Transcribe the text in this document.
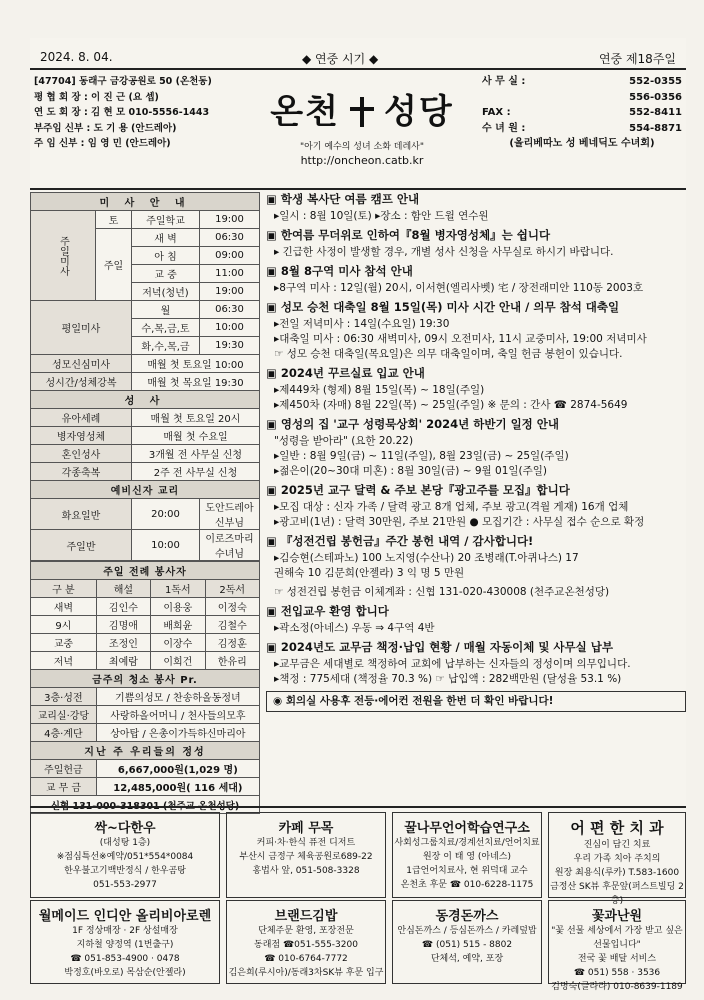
2024. 8. 04.	◆ 연중 시기 ◆	연중 제18주일
[47704] 동래구 금강공원로 50 (온천동)
평 협 회 장 : 이 진 근 (요 셉)
연 도 회 장 : 김 현 모 010-5556-1443
부주임 신부 : 도 기 용 (안드레아)
주 임 신부 : 임 영 민 (안드레아)
온천 성당
"아기 예수의 성녀 소화 데레사"
http://oncheon.catb.kr
사 무 실 :	552-0355
556-0356
FAX :	552-8411
수 녀 원 :	554-8871
(올리베따노 성 베네딕도 수녀회)
미 사 안 내			
주일미사	토	주일학교	19:00
	주일	새 벽	06:30
		아 침	09:00
		교 중	11:00
		저녁(청년)	19:00
평일미사		월	06:30
		수,목,금,토	10:00
		화,수,목,금	19:30
성모신심미사		매월 첫 토요일 10:00	
성시간/성체강복		매월 첫 목요일 19:30	
성 사			
유아세례		매월 첫 토요일 20시	
병자영성체		매월 첫 수요일	
혼인성사		3개월 전 사무실 신청	
각종축복		2주 전 사무실 신청	
예비신자 교리			
화요일반		20:00	도안드레아 신부님
주일반		10:00	이로즈마리 수녀님
주일 전례 봉사자			
구 분	해설	1독서	2독서
새벽	김인수	이용웅	이정숙
9시	김명애	배희윤	김철수
교중	조정인	이장수	김정훈
저녁	최예람	이희건	한유리
금주의 청소 봉사 Pr.			
3층·성전	기쁨의성모 / 찬송하올동정녀		
교리실·강당	사랑하올어머니 / 천사들의모후		
4층·계단	상아탑 / 은총이가득하신마리아		
지난 주 우리들의 정성			
주일헌금	6,667,000원(1,029 명)		
교 무 금	12,485,000원( 116 세대)		
신협 131-000-318301 (천주교 온천성당)			
▣ 학생 복사단 여름 캠프 안내
▸일시 : 8월 10일(토) ▸장소 : 함안 드윌 연수원
▣ 한여름 무더위로 인하여『8월 병자영성체』는 쉽니다
▸ 긴급한 사정이 발생할 경우, 개별 성사 신청을 사무실로 하시기 바랍니다.
▣ 8월 8구역 미사 참석 안내
▸8구역 미사 : 12일(월) 20시, 이서현(엘리사벳) 宅 / 장전래미안 110동 2003호
▣ 성모 승천 대축일 8월 15일(목) 미사 시간 안내 / 의무 참석 대축일
▸전일 저녁미사 : 14일(수요일) 19:30
▸대축일 미사 : 06:30 새벽미사, 09시 오전미사, 11시 교중미사, 19:00 저녁미사
☞ 성모 승천 대축일(목요일)은 의무 대축일이며, 축일 헌금 봉헌이 있습니다.
▣ 2024년 꾸르실료 입교 안내
▸제449차 (형제) 8월 15일(목) ~ 18일(주일)
▸제450차 (자매) 8월 22일(목) ~ 25일(주일) ※ 문의 : 간사 ☎ 2874-5649
▣ 영성의 집 '교구 성령묵상회' 2024년 하반기 일정 안내
"성령을 받아라" (요한 20.22)
▸일반 : 8월 9일(금) ~ 11일(주일), 8월 23일(금) ~ 25일(주일)
▸젊은이(20~30대 미혼) : 8월 30일(금) ~ 9월 01일(주일)
▣ 2025년 교구 달력 & 주보 본당『광고주를 모집』합니다
▸모집 대상 : 신자 가족 / 달력 광고 8개 업체, 주보 광고(격월 게재) 16개 업체
▸광고비(1년) : 달력 30만원, 주보 21만원 ● 모집기간 : 사무실 접수 순으로 확정
▣ 『성전건립 봉헌금』주간 봉헌 내역 / 감사합니다!
▸김승현(스테파노) 100 노지영(수산나) 20 조병래(T.아퀴나스) 17
권해숙 10 김문희(안젤라) 3 익 명 5 만원
☞ 성전건립 봉헌금 이체계좌 : 신협 131-020-430008 (천주교온천성당)
▣ 전입교우 환영 합니다
▸곽소정(아네스) 우동 ⇒ 4구역 4반
▣ 2024년도 교무금 책정·납입 현황 / 매월 자동이체 및 사무실 납부
▸교무금은 세대별로 책정하여 교회에 납부하는 신자들의 정성이며 의무입니다.
▸책정 : 775세대 (책정율 70.3 %) ☞ 납입액 : 282백만원 (달성율 53.1 %)
◉ 회의실 사용후 전등·에어컨 전원을 한번 더 확인 바랍니다!
싹~다한우
(대성탕 1층)
※점심특선※예약/051*554*0084
한우불고기백반정식 / 한우곰탕
051-553-2977
카페 무목
커피·차·한식 퓨전 디저트
부산시 금정구 체육공원로689-22
홍법사 앞, 051-508-3328
꿀나무언어학습연구소
사회성그룹치료/경계선치료/언어치료
원장 이 태 영 (아네스)
1급언어치료사, 현 위덕대 교수
온천초 후문 ☎ 010-6228-1175
어 편 한 치 과
진심이 담긴 치료
우리 가족 치아 주치의
원장 최용식(루카) T.583-1600
금정산 SK뷰 후문앞(퍼스트빌딩 2층)
월메이드 인디안 올리비아로렌
1F 정상매장 · 2F 상설매장
지하철 양정역 (1번출구)
☎ 051-853-4900 · 0478
박정호(바오로) 목삼순(안젤라)
브랜드김밥
단체주문 환영, 포장전문
동래점 ☎051-555-3200
☎ 010-6764-7772
김은희(루시아)/동래3차SK뷰 후문 입구
동경돈까스
안심돈까스 / 등심돈까스 / 카레덮밥
☎ (051) 515 - 8802
단체석, 예약, 포장
꽃과난원
"꽃 선물 세상에서 가장 받고 싶은 선물입니다"
전국 꽃 배달 서비스
☎ 051) 558 · 3536
김명숙(글라라) 010-8639-1189
